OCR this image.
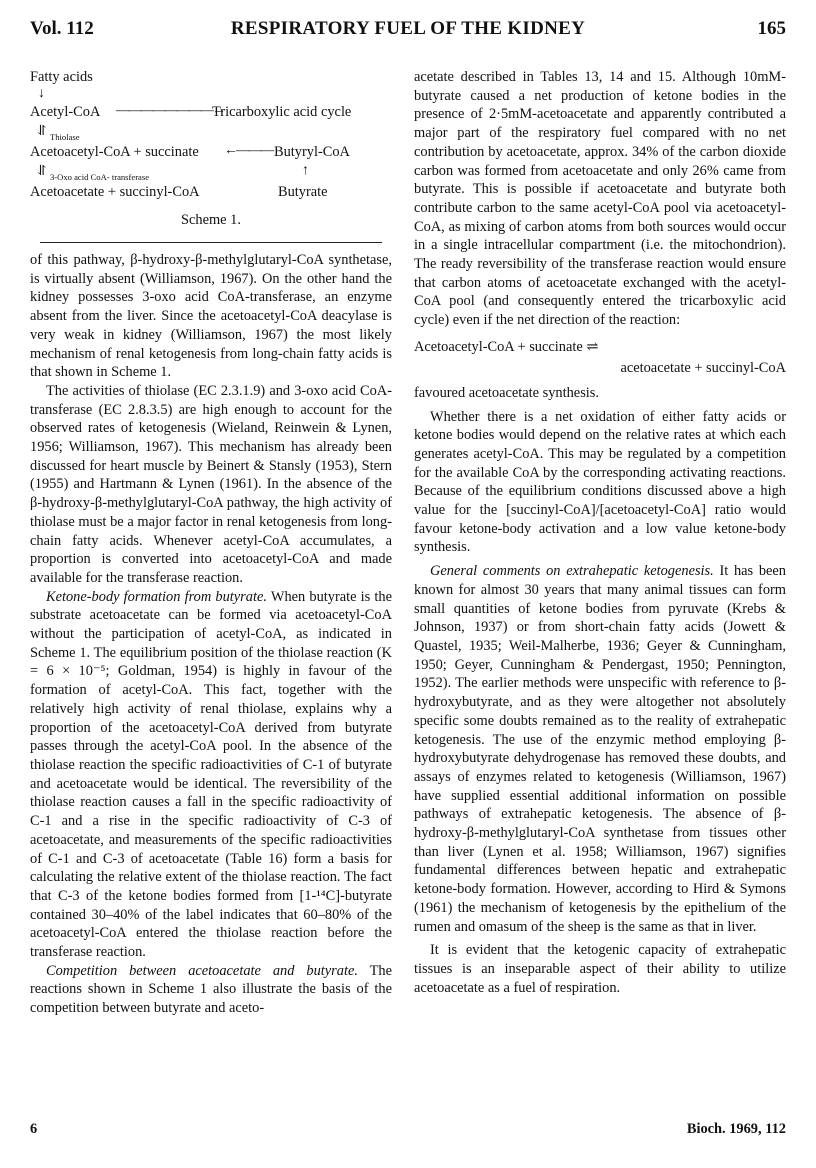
Vol. 112	RESPIRATORY FUEL OF THE KIDNEY	165
Fatty acids
↓
Acetyl-CoA ————————→
Tricarboxylic acid cycle
⥯ Thiolase
Acetoacetyl-CoA + succinate ←——— Butyryl-CoA
⥯ 3-Oxo acid CoA- transferase	↑
Acetoacetate + succinyl-CoA	Butyrate
Scheme 1.

of this pathway, β-hydroxy-β-methylglutaryl-CoA synthetase, is virtually absent (Williamson, 1967). On the other hand the kidney possesses 3-oxo acid CoA-transferase, an enzyme absent from the liver. Since the acetoacetyl-CoA deacylase is very weak in kidney (Williamson, 1967) the most likely mechanism of renal ketogenesis from long-chain fatty acids is that shown in Scheme 1.

The activities of thiolase (EC 2.3.1.9) and 3-oxo acid CoA-transferase (EC 2.8.3.5) are high enough to account for the observed rates of ketogenesis (Wieland, Reinwein & Lynen, 1956; Williamson, 1967). This mechanism has already been discussed for heart muscle by Beinert & Stansly (1953), Stern (1955) and Hartmann & Lynen (1961). In the absence of the β-hydroxy-β-methylglutaryl-CoA pathway, the high activity of thiolase must be a major factor in renal ketogenesis from long-chain fatty acids. Whenever acetyl-CoA accumulates, a proportion is converted into acetoacetyl-CoA and made available for the transferase reaction.

Ketone-body formation from butyrate. When butyrate is the substrate acetoacetate can be formed via acetoacetyl-CoA without the participation of acetyl-CoA, as indicated in Scheme 1. The equilibrium position of the thiolase reaction (K = 6 × 10⁻⁵; Goldman, 1954) is highly in favour of the formation of acetyl-CoA. This fact, together with the relatively high activity of renal thiolase, explains why a proportion of the acetoacetyl-CoA derived from butyrate passes through the acetyl-CoA pool. In the absence of the thiolase reaction the specific radioactivities of C-1 of butyrate and acetoacetate would be identical. The reversibility of the thiolase reaction causes a fall in the specific radioactivity of C-1 and a rise in the specific radioactivity of C-3 of acetoacetate, and measurements of the specific radioactivities of C-1 and C-3 of acetoacetate (Table 16) form a basis for calculating the relative extent of the thiolase reaction. The fact that C-3 of the ketone bodies formed from [1-¹⁴C]-butyrate contained 30–40% of the label indicates that 60–80% of the acetoacetyl-CoA entered the thiolase reaction before the transferase reaction.

Competition between acetoacetate and butyrate. The reactions shown in Scheme 1 also illustrate the basis of the competition between butyrate and aceto-

acetate described in Tables 13, 14 and 15. Although 10mM-butyrate caused a net production of ketone bodies in the presence of 2·5mM-acetoacetate and apparently contributed a major part of the respiratory fuel compared with no net contribution by acetoacetate, approx. 34% of the carbon dioxide carbon was formed from acetoacetate and only 26% came from butyrate. This is possible if acetoacetate and butyrate both contribute carbon to the same acetyl-CoA pool via acetoacetyl-CoA, as mixing of carbon atoms from both sources would occur in a single intracellular compartment (i.e. the mitochondrion). The ready reversibility of the transferase reaction would ensure that carbon atoms of acetoacetate exchanged with the acetyl-CoA pool (and consequently entered the tricarboxylic acid cycle) even if the net direction of the reaction:

Acetoacetyl-CoA + succinate ⇌
acetoacetate + succinyl-CoA

favoured acetoacetate synthesis.

Whether there is a net oxidation of either fatty acids or ketone bodies would depend on the relative rates at which each generates acetyl-CoA. This may be regulated by a competition for the available CoA by the corresponding activating reactions. Because of the equilibrium conditions discussed above a high value for the [succinyl-CoA]/[acetoacetyl-CoA] ratio would favour ketone-body activation and a low value ketone-body synthesis.

General comments on extrahepatic ketogenesis. It has been known for almost 30 years that many animal tissues can form small quantities of ketone bodies from pyruvate (Krebs & Johnson, 1937) or from short-chain fatty acids (Jowett & Quastel, 1935; Weil-Malherbe, 1936; Geyer & Cunningham, 1950; Geyer, Cunningham & Pendergast, 1950; Pennington, 1952). The earlier methods were unspecific with reference to β-hydroxybutyrate, and as they were altogether not absolutely specific some doubts remained as to the reality of extrahepatic ketogenesis. The use of the enzymic method employing β-hydroxybutyrate dehydrogenase has removed these doubts, and assays of enzymes related to ketogenesis (Williamson, 1967) have supplied essential additional information on possible pathways of extrahepatic ketogenesis. The absence of β-hydroxy-β-methylglutaryl-CoA synthetase from tissues other than liver (Lynen et al. 1958; Williamson, 1967) signifies fundamental differences between hepatic and extrahepatic ketone-body formation. However, according to Hird & Symons (1961) the mechanism of ketogenesis by the epithelium of the rumen and omasum of the sheep is the same as that in liver.

It is evident that the ketogenic capacity of extrahepatic tissues is an inseparable aspect of their ability to utilize acetoacetate as a fuel of respiration.

6	Bioch. 1969, 112
